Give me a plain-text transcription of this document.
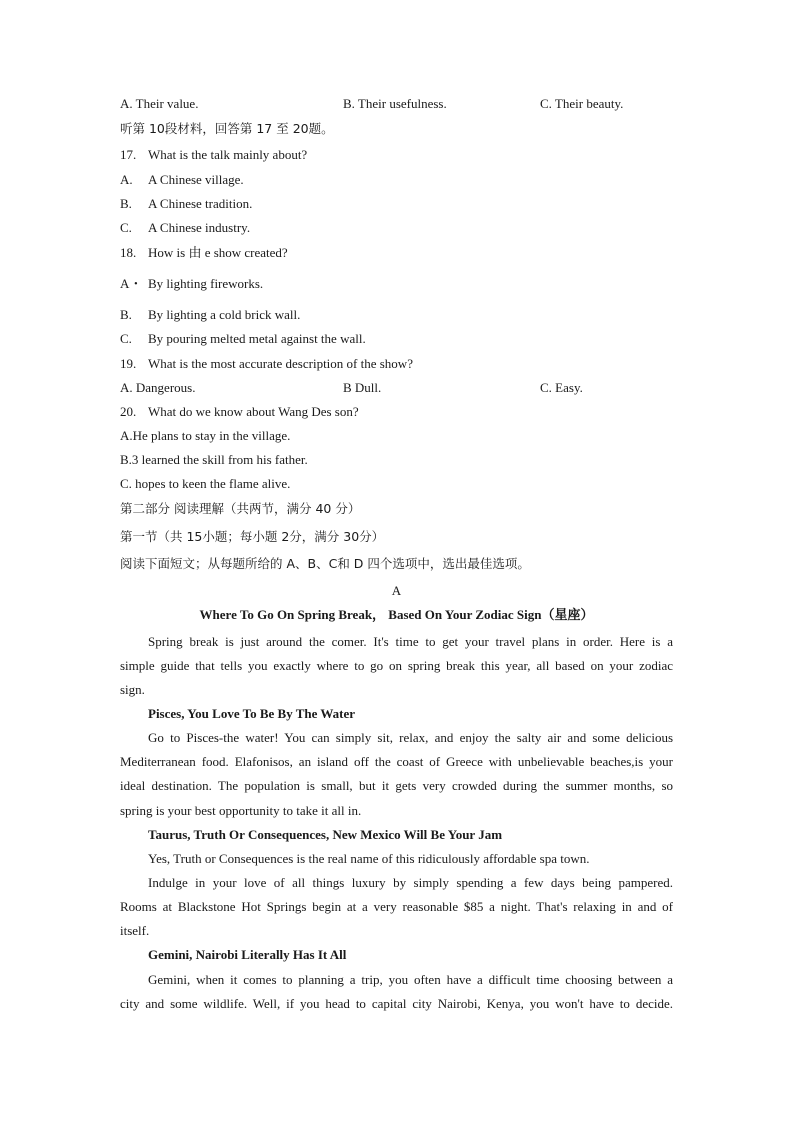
A. Their value.	B. Their usefulness.	C. Their beauty.
听第 10段材料，回答第 17 至 20题。
17. What is the talk mainly about?
A. A Chinese village.
B. A Chinese tradition.
C. A Chinese industry.
18. How is 由 e show created?
A・ By lighting fireworks.
B. By lighting a cold brick wall.
C. By pouring melted metal against the wall.
19. What is the most accurate description of the show?
A. Dangerous.	B Dull.	C. Easy.
20. What do we know about Wang Des son?
A.He plans to stay in the village.
B.3 learned the skill from his father.
C. hopes to keen the flame alive.
第二部分 阅读理解（共两节，满分 40 分）
第一节（共 15小题；每小题 2分，满分 30分）
阅读下面短文；从每题所给的 A、B、C和 D 四个选项中，选出最佳选项。
A
Where To Go On Spring Break， Based On Your Zodiac Sign（星座）
Spring break is just around the comer. It's time to get your travel plans in order. Here is a
simple guide that tells you exactly where to go on spring break this year, all based on your zodiac
sign.
Pisces, You Love To Be By The Water
Go to Pisces-the water! You can simply sit, relax, and enjoy the salty air and some delicious
Mediterranean food. Elafonisos, an island off the coast of Greece with unbelievable beaches,is your
ideal destination. The population is small, but it gets very crowded during the summer months, so
spring is your best opportunity to take it all in.
Taurus, Truth Or Consequences, New Mexico Will Be Your Jam
Yes, Truth or Consequences is the real name of this ridiculously affordable spa town.
Indulge in your love of all things luxury by simply spending a few days being pampered.
Rooms at Blackstone Hot Springs begin at a very reasonable $85 a night. That's relaxing in and of
itself.
Gemini, Nairobi Literally Has It All
Gemini, when it comes to planning a trip, you often have a difficult time choosing between a
city and some wildlife. Well, if you head to capital city Nairobi, Kenya, you won't have to decide.
